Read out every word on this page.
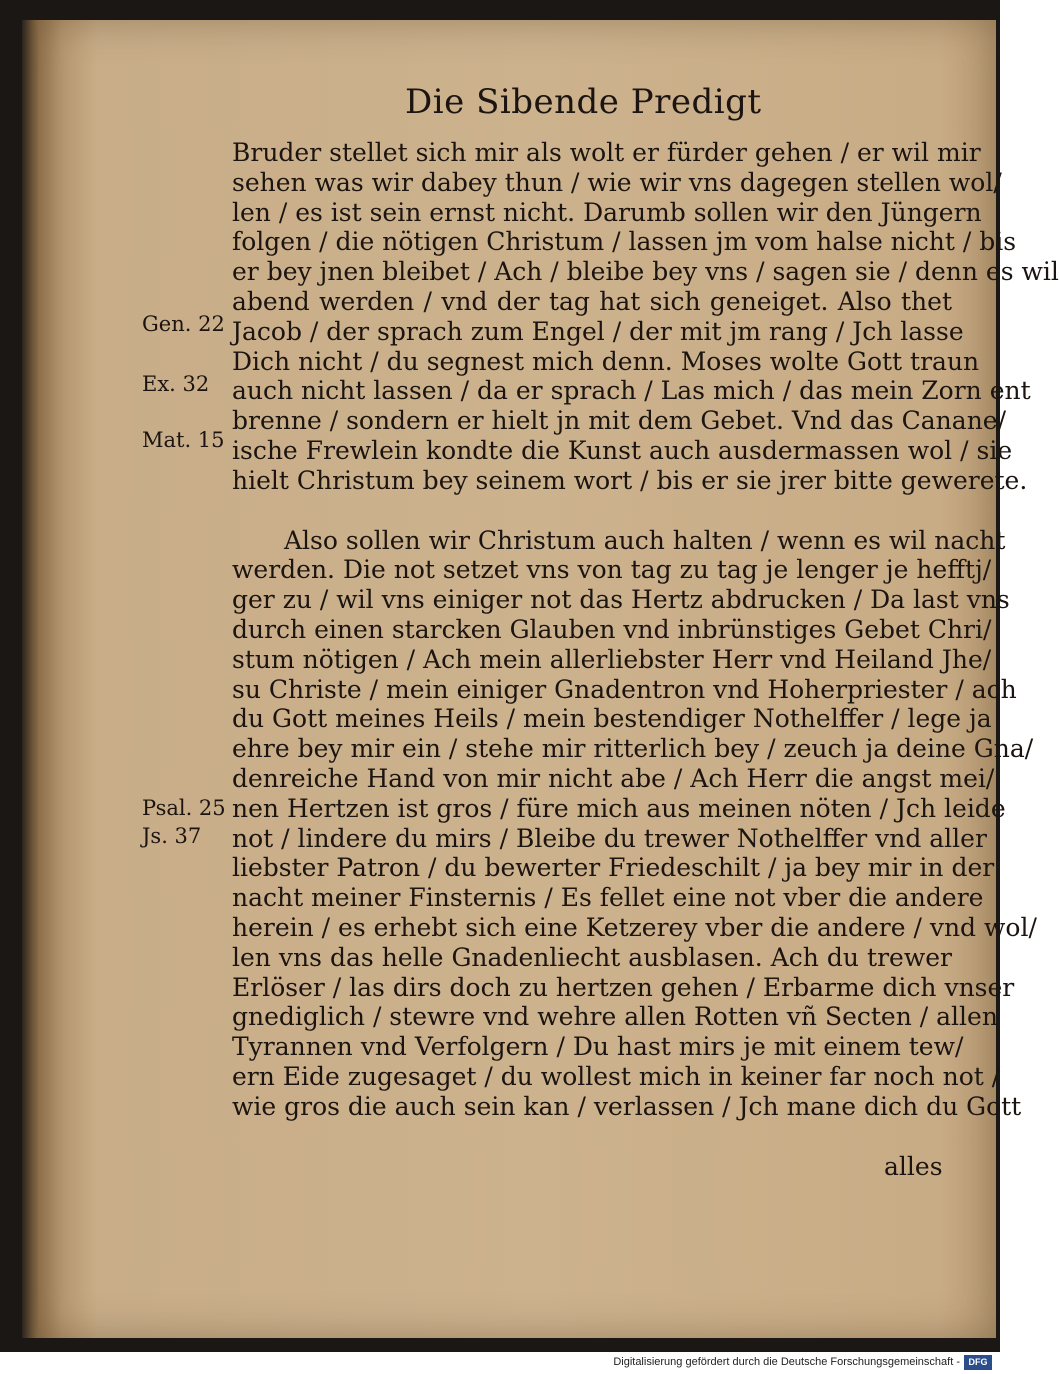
Die Sibende Predigt
Gen. 22
Ex. 32
Mat. 15
Psal. 25
Js. 37
Bruder stellet sich mir als wolt er fürder gehen / er wil mir
sehen was wir dabey thun / wie wir vns dagegen stellen wol/
len / es ist sein ernst nicht. Darumb sollen wir den Jüngern
folgen / die nötigen Christum / lassen jm vom halse nicht / bis
er bey jnen bleibet / Ach / bleibe bey vns / sagen sie / denn es wil
abend werden / vnd der tag hat sich geneiget. Also thet
Jacob / der sprach zum Engel / der mit jm rang / Jch lasse
Dich nicht / du segnest mich denn. Moses wolte Gott traun
auch nicht lassen / da er sprach / Las mich / das mein Zorn ent
brenne / sondern er hielt jn mit dem Gebet. Vnd das Canane/
ische Frewlein kondte die Kunst auch ausdermassen wol / sie
hielt Christum bey seinem wort / bis er sie jrer bitte gewerete.
Also sollen wir Christum auch halten / wenn es wil nacht
werden. Die not setzet vns von tag zu tag je lenger je hefftj/
ger zu / wil vns einiger not das Hertz abdrucken / Da last vns
durch einen starcken Glauben vnd inbrünstiges Gebet Chri/
stum nötigen / Ach mein allerliebster Herr vnd Heiland Jhe/
su Christe / mein einiger Gnadentron vnd Hoherpriester / ach
du Gott meines Heils / mein bestendiger Nothelffer / lege ja
ehre bey mir ein / stehe mir ritterlich bey / zeuch ja deine Gna/
denreiche Hand von mir nicht abe / Ach Herr die angst mei/
nen Hertzen ist gros / füre mich aus meinen nöten / Jch leide
not / lindere du mirs / Bleibe du trewer Nothelffer vnd aller
liebster Patron / du bewerter Friedeschilt / ja bey mir in der
nacht meiner Finsternis / Es fellet eine not vber die andere
herein / es erhebt sich eine Ketzerey vber die andere / vnd wol/
len vns das helle Gnadenliecht ausblasen. Ach du trewer
Erlöser / las dirs doch zu hertzen gehen / Erbarme dich vnser
gnediglich / stewre vnd wehre allen Rotten vñ Secten / allen
Tyrannen vnd Verfolgern / Du hast mirs je mit einem tew/
ern Eide zugesaget / du wollest mich in keiner far noch not /
wie gros die auch sein kan / verlassen / Jch mane dich du Gott
alles
Digitalisierung gefördert durch die Deutsche Forschungsgemeinschaft - DFG
